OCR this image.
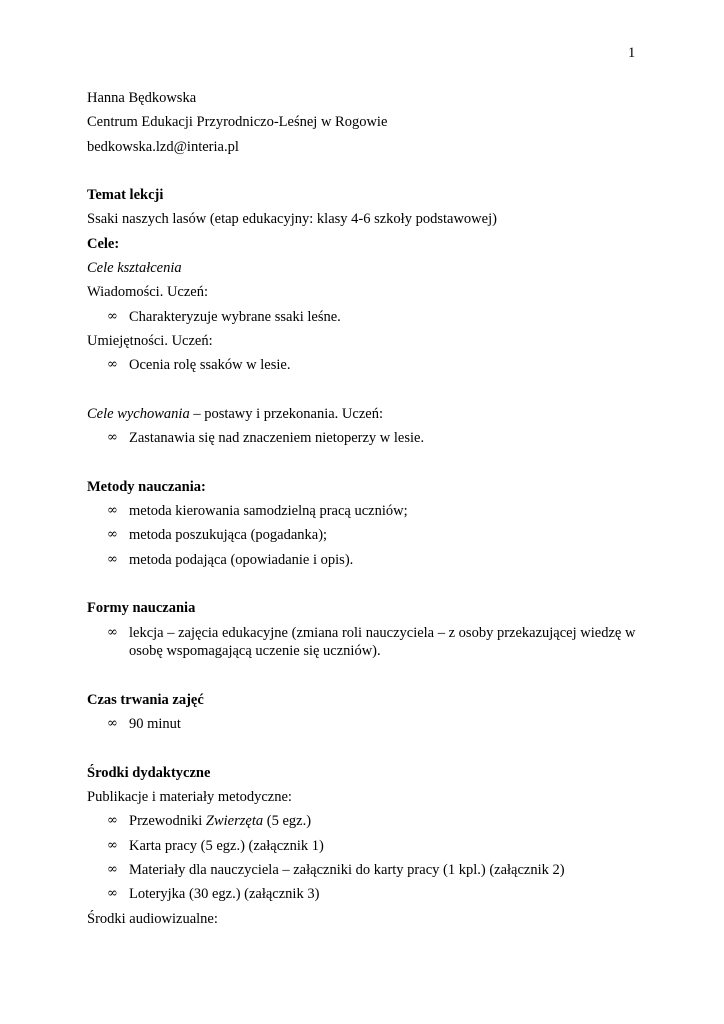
1
Hanna Będkowska
Centrum Edukacji Przyrodniczo-Leśnej w Rogowie
bedkowska.lzd@interia.pl
Temat lekcji
Ssaki naszych lasów (etap edukacyjny: klasy 4-6 szkoły podstawowej)
Cele:
Cele kształcenia
Wiadomości. Uczeń:
∞ Charakteryzuje wybrane ssaki leśne.
Umiejętności. Uczeń:
∞ Ocenia rolę ssaków w lesie.
Cele wychowania – postawy i przekonania. Uczeń:
∞ Zastanawia się nad znaczeniem nietoperzy w lesie.
Metody nauczania:
∞ metoda kierowania samodzielną pracą uczniów;
∞ metoda poszukująca (pogadanka);
∞ metoda podająca (opowiadanie i opis).
Formy nauczania
∞ lekcja – zajęcia edukacyjne (zmiana roli nauczyciela – z osoby przekazującej wiedzę w osobę wspomagającą uczenie się uczniów).
Czas trwania zajęć
∞ 90 minut
Środki dydaktyczne
Publikacje i materiały metodyczne:
∞ Przewodniki Zwierzęta (5 egz.)
∞ Karta pracy (5 egz.) (załącznik 1)
∞ Materiały dla nauczyciela – załączniki do karty pracy (1 kpl.) (załącznik 2)
∞ Loteryjka (30 egz.) (załącznik 3)
Środki audiowizualne:
